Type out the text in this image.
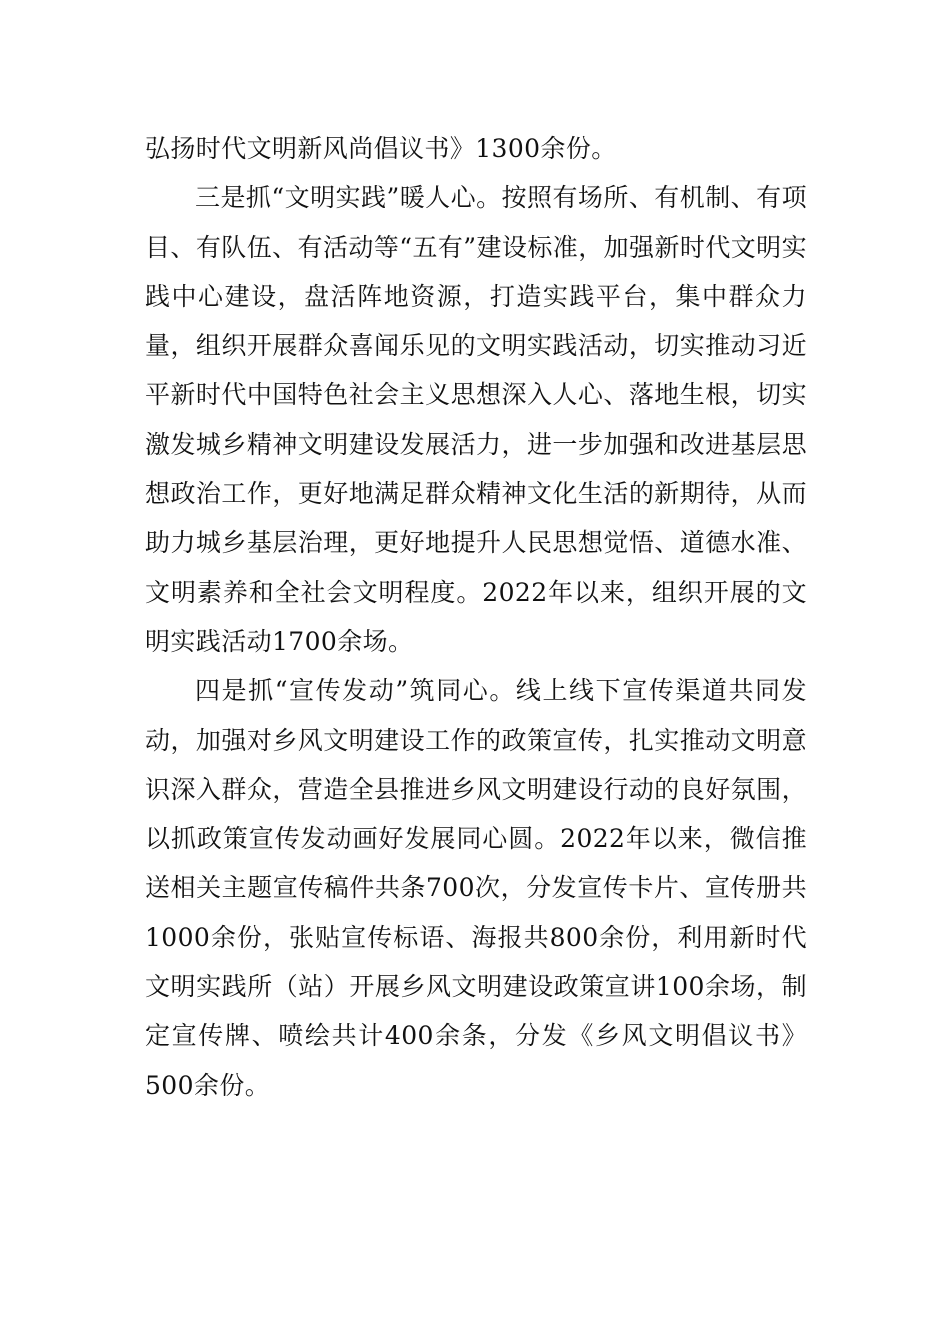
弘扬时代文明新风尚倡议书》1300余份。

三是抓“文明实践”暖人心。按照有场所、有机制、有项目、有队伍、有活动等“五有”建设标准，加强新时代文明实践中心建设，盘活阵地资源，打造实践平台，集中群众力量，组织开展群众喜闻乐见的文明实践活动，切实推动习近平新时代中国特色社会主义思想深入人心、落地生根，切实激发城乡精神文明建设发展活力，进一步加强和改进基层思想政治工作，更好地满足群众精神文化生活的新期待，从而助力城乡基层治理，更好地提升人民思想觉悟、道德水准、文明素养和全社会文明程度。2022年以来，组织开展的文明实践活动1700余场。

四是抓“宣传发动”筑同心。线上线下宣传渠道共同发动，加强对乡风文明建设工作的政策宣传，扎实推动文明意识深入群众，营造全县推进乡风文明建设行动的良好氛围，以抓政策宣传发动画好发展同心圆。2022年以来，微信推送相关主题宣传稿件共条700次，分发宣传卡片、宣传册共1000余份，张贴宣传标语、海报共800余份，利用新时代文明实践所（站）开展乡风文明建设政策宣讲100余场，制定宣传牌、喷绘共计400余条，分发《乡风文明倡议书》500余份。
